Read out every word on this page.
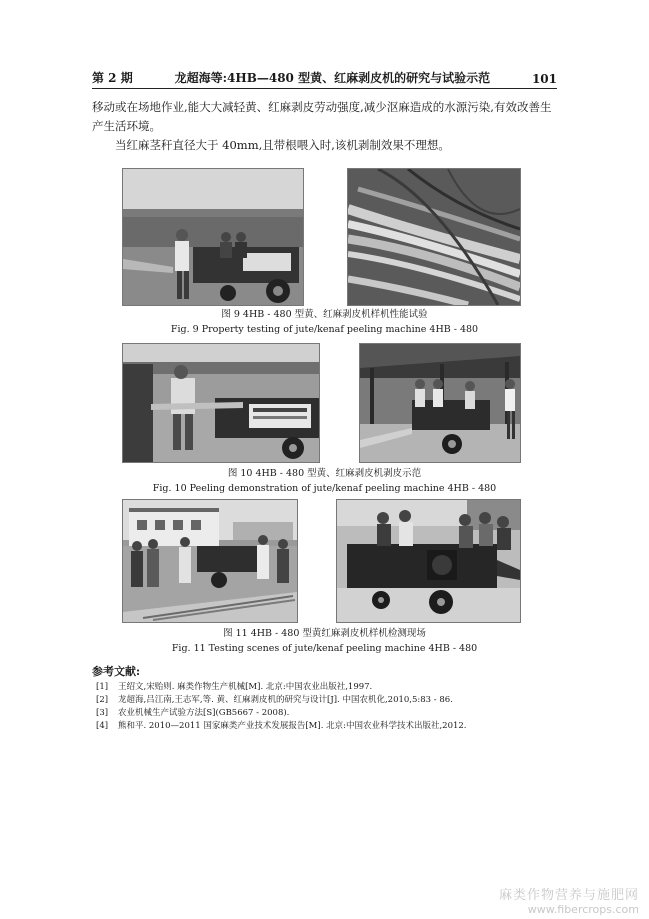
第 2 期	龙超海等:4HB—480 型黄、红麻剥皮机的研究与试验示范	101
移动或在场地作业,能大大减轻黄、红麻剥皮劳动强度,减少沤麻造成的水源污染,有效改善生产生活环境。
当红麻茎秆直径大于 40mm,且带根喂入时,该机剥制效果不理想。
图 9 4HB - 480 型黄、红麻剥皮机样机性能试验
Fig. 9 Property testing of jute/kenaf peeling machine 4HB - 480
图 10 4HB - 480 型黄、红麻剥皮机剥皮示范
Fig. 10 Peeling demonstration of jute/kenaf peeling machine 4HB - 480
图 11 4HB - 480 型黄红麻剥皮机样机检测现场
Fig. 11 Testing scenes of jute/kenaf peeling machine 4HB - 480
参考文献:
[1] 王绍文,宋贻则. 麻类作物生产机械[M]. 北京:中国农业出版社,1997.
[2] 龙超海,吕江南,王志军,等. 黄、红麻剥皮机的研究与设计[J]. 中国农机化,2010,5:83 - 86.
[3] 农业机械生产试验方法[S](GB5667 - 2008).
[4] 熊和平. 2010—2011 国家麻类产业技术发展报告[M]. 北京:中国农业科学技术出版社,2012.
麻类作物营养与施肥网
www.fibercrops.com
